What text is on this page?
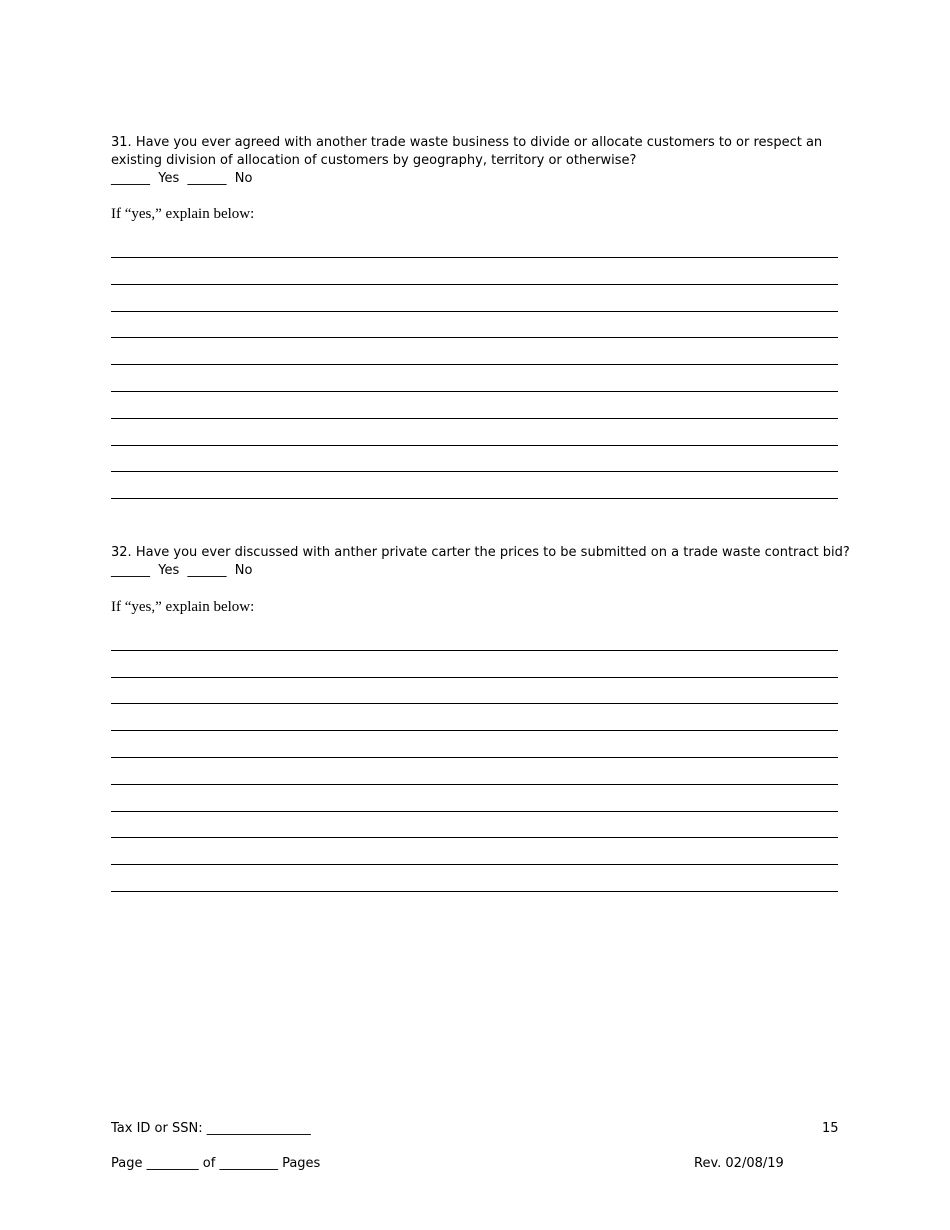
31. Have you ever agreed with another trade waste business to divide or allocate customers to or respect an existing division of allocation of customers by geography, territory or otherwise?

______ Yes ______ No
If “yes,” explain below:

32. Have you ever discussed with anther private carter the prices to be submitted on a trade waste contract bid?

______ Yes ______ No
If “yes,” explain below:
Tax ID or SSN: ________________	15
Page ________ of _________ Pages	Rev. 02/08/19
